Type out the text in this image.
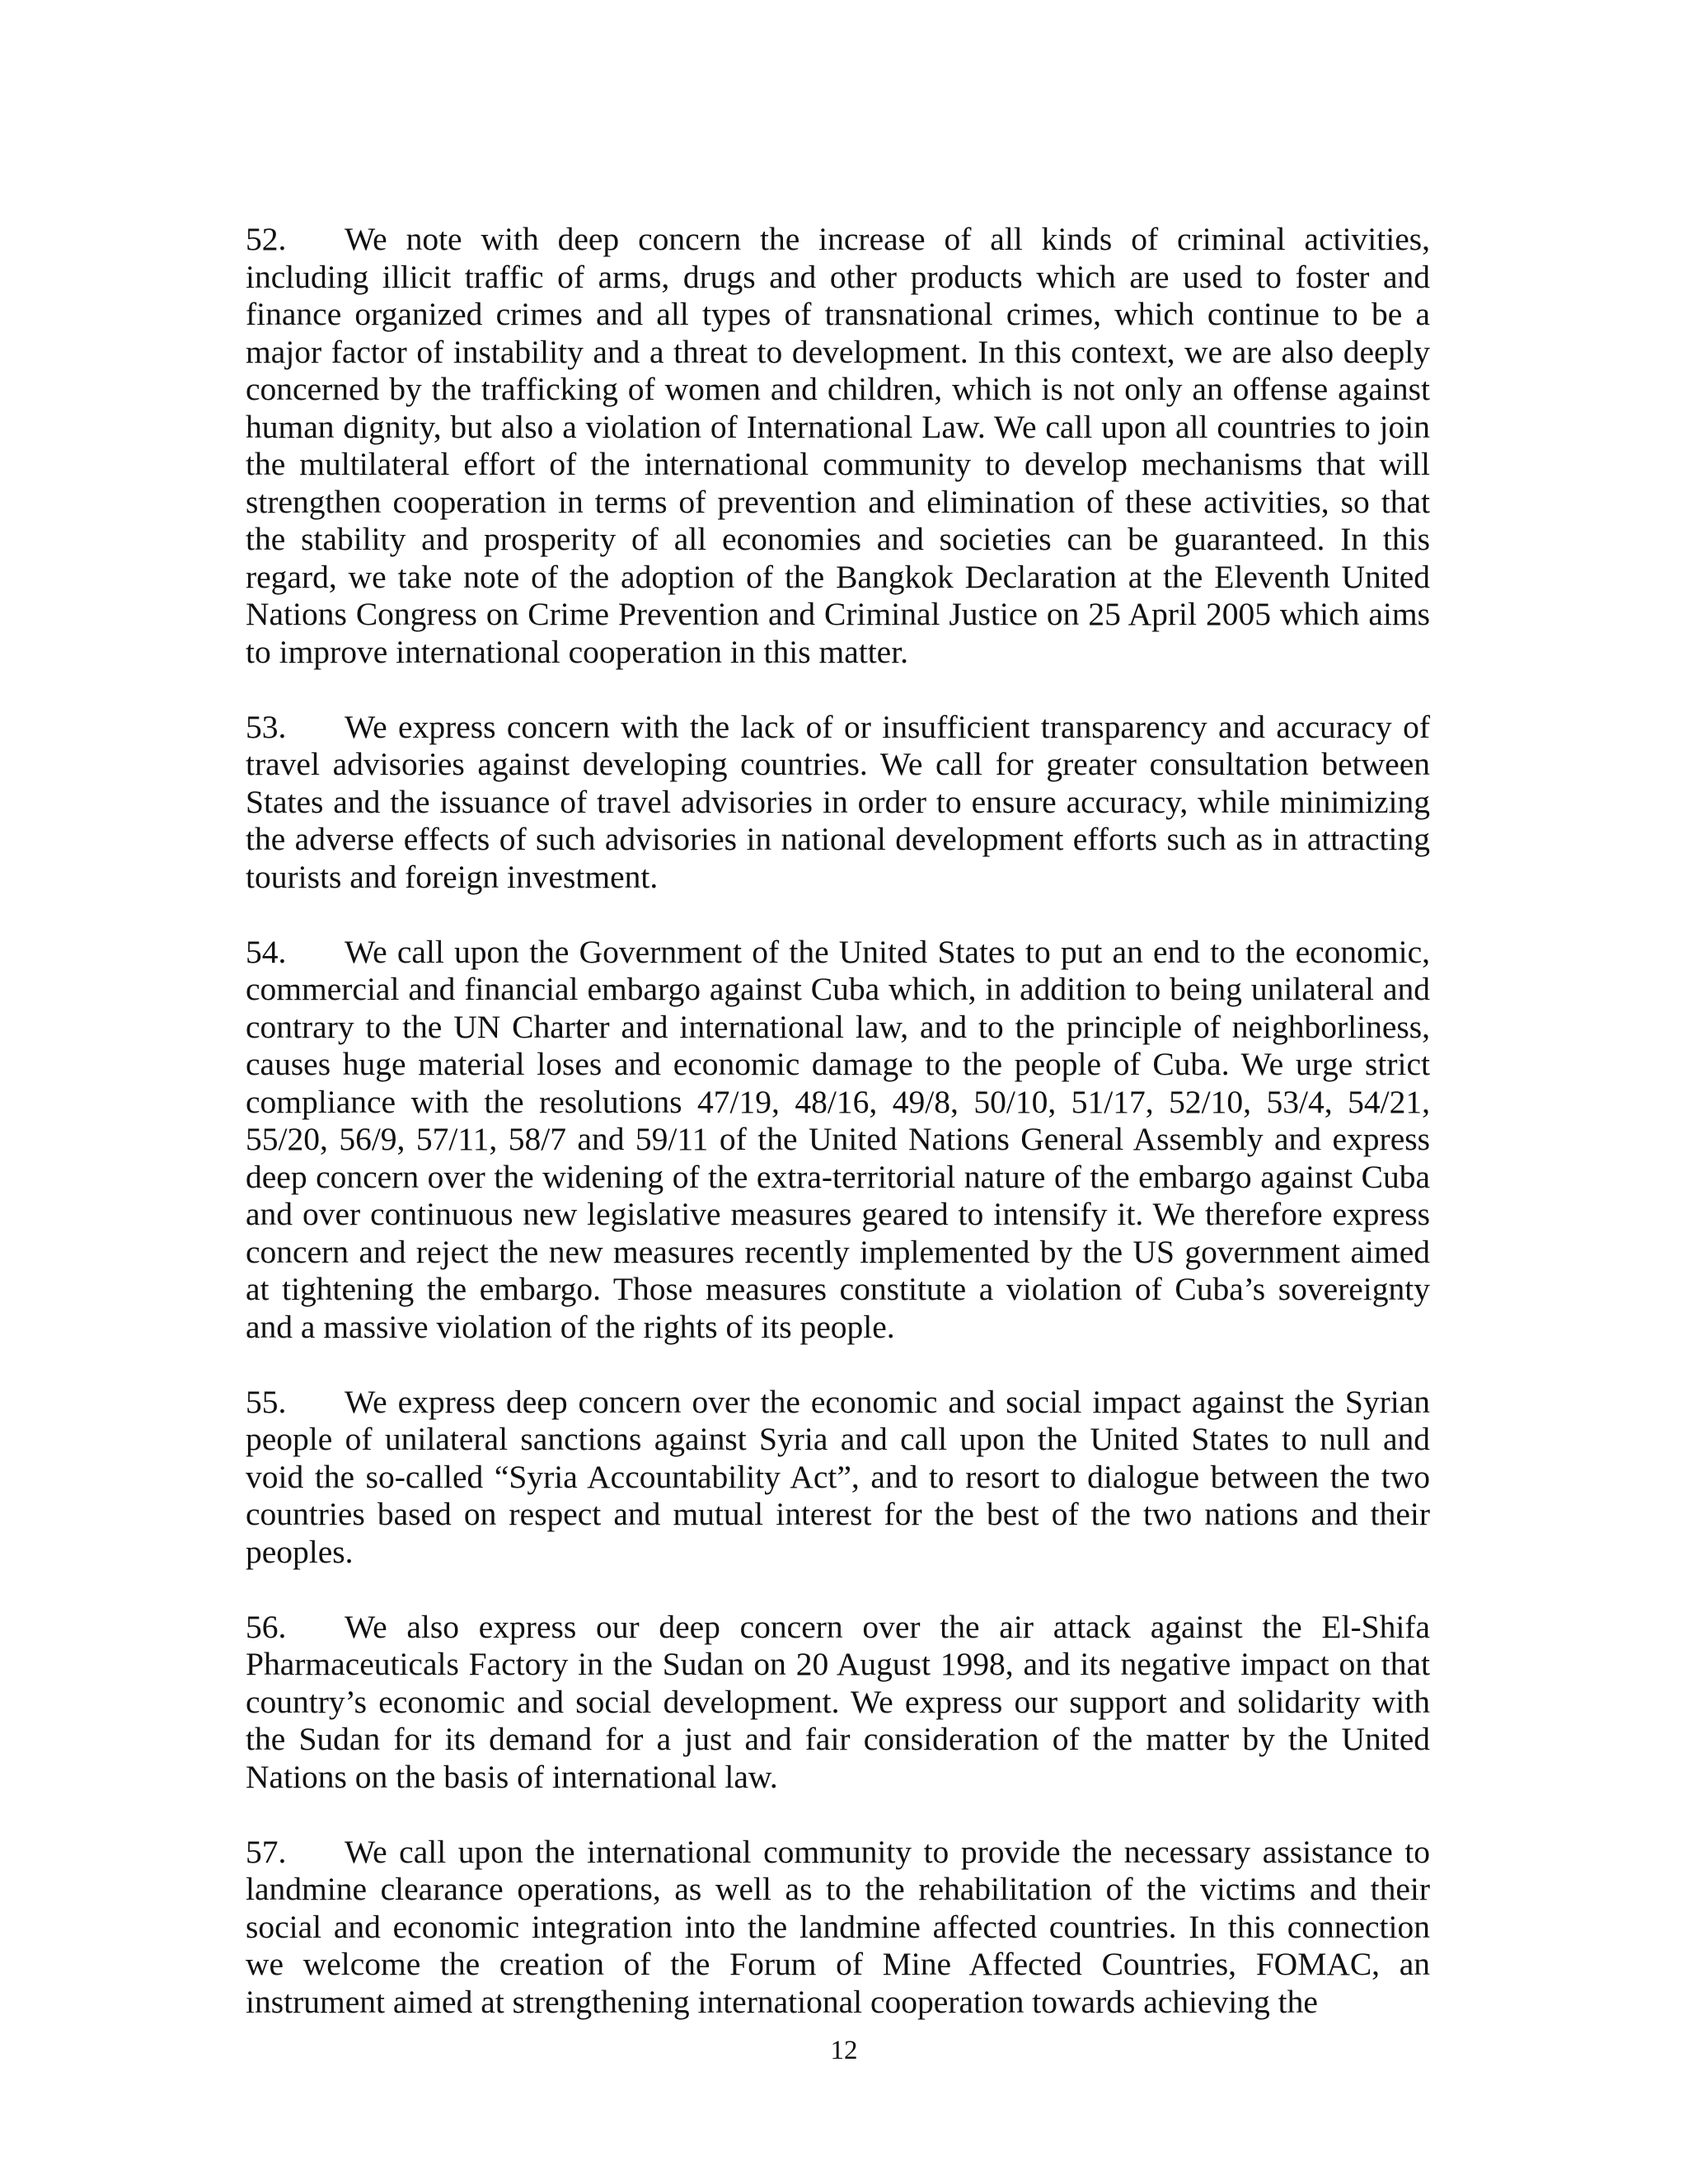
52. We note with deep concern the increase of all kinds of criminal activities, including illicit traffic of arms, drugs and other products which are used to foster and finance organized crimes and all types of transnational crimes, which continue to be a major factor of instability and a threat to development. In this context, we are also deeply concerned by the trafficking of women and children, which is not only an offense against human dignity, but also a violation of International Law. We call upon all countries to join the multilateral effort of the international community to develop mechanisms that will strengthen cooperation in terms of prevention and elimination of these activities, so that the stability and prosperity of all economies and societies can be guaranteed. In this regard, we take note of the adoption of the Bangkok Declaration at the Eleventh United Nations Congress on Crime Prevention and Criminal Justice on 25 April 2005 which aims to improve international cooperation in this matter.

53. We express concern with the lack of or insufficient transparency and accuracy of travel advisories against developing countries. We call for greater consultation between States and the issuance of travel advisories in order to ensure accuracy, while minimizing the adverse effects of such advisories in national development efforts such as in attracting tourists and foreign investment.

54. We call upon the Government of the United States to put an end to the economic, commercial and financial embargo against Cuba which, in addition to being unilateral and contrary to the UN Charter and international law, and to the principle of neighborliness, causes huge material loses and economic damage to the people of Cuba. We urge strict compliance with the resolutions 47/19, 48/16, 49/8, 50/10, 51/17, 52/10, 53/4, 54/21, 55/20, 56/9, 57/11, 58/7 and 59/11 of the United Nations General Assembly and express deep concern over the widening of the extra-territorial nature of the embargo against Cuba and over continuous new legislative measures geared to intensify it. We therefore express concern and reject the new measures recently implemented by the US government aimed at tightening the embargo. Those measures constitute a violation of Cuba’s sovereignty and a massive violation of the rights of its people.

55. We express deep concern over the economic and social impact against the Syrian people of unilateral sanctions against Syria and call upon the United States to null and void the so-called “Syria Accountability Act”, and to resort to dialogue between the two countries based on respect and mutual interest for the best of the two nations and their peoples.

56. We also express our deep concern over the air attack against the El-Shifa Pharmaceuticals Factory in the Sudan on 20 August 1998, and its negative impact on that country’s economic and social development. We express our support and solidarity with the Sudan for its demand for a just and fair consideration of the matter by the United Nations on the basis of international law.

57. We call upon the international community to provide the necessary assistance to landmine clearance operations, as well as to the rehabilitation of the victims and their social and economic integration into the landmine affected countries. In this connection we welcome the creation of the Forum of Mine Affected Countries, FOMAC, an instrument aimed at strengthening international cooperation towards achieving the

12
